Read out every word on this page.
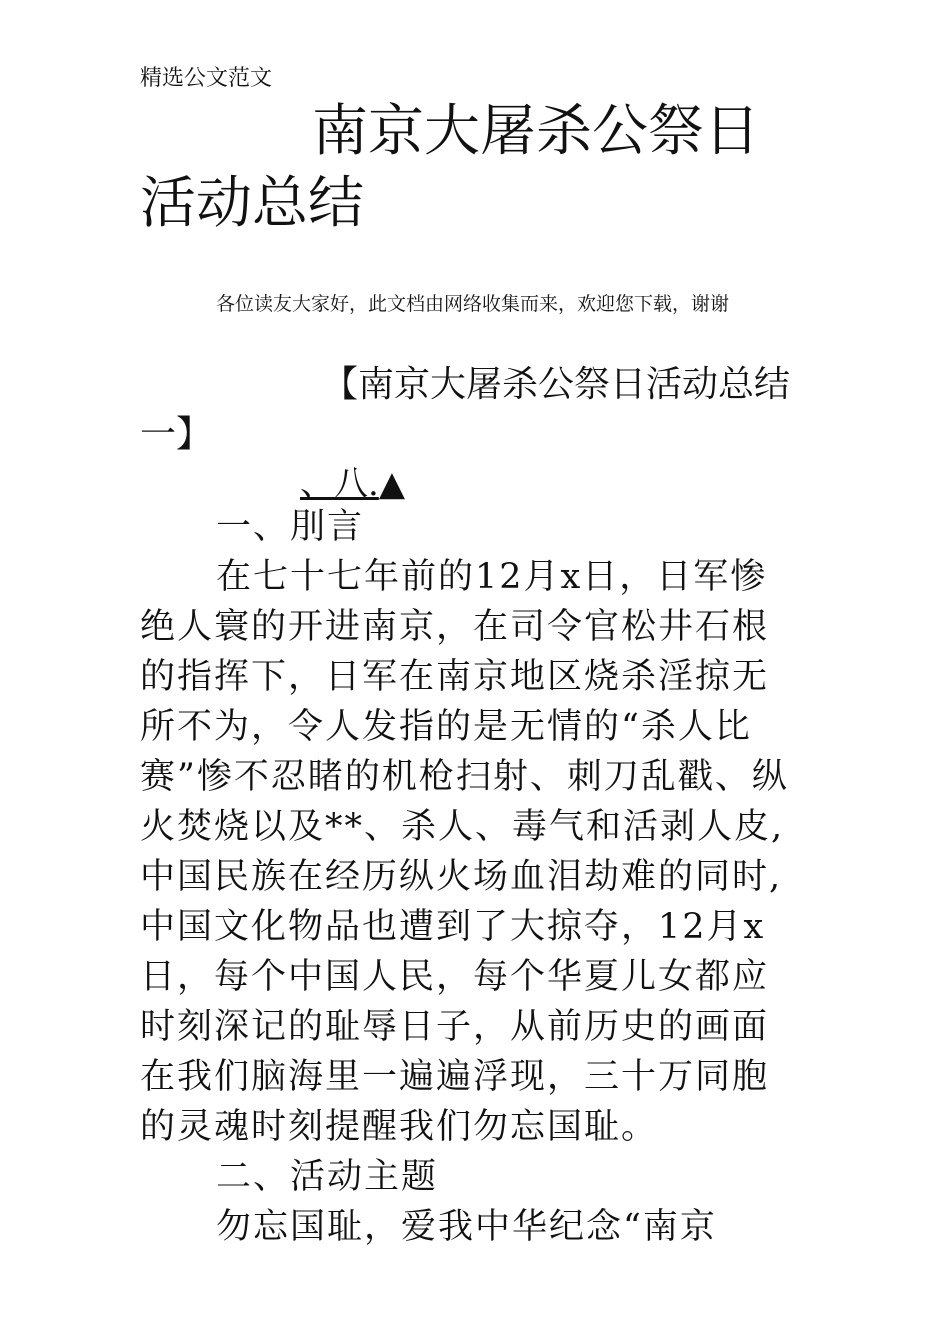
精选公文范文
南京大屠杀公祭日
活动总结
各位读友大家好，此文档由网络收集而来，欢迎您下载，谢谢
【南京大屠杀公祭日活动总结
一】
、八.▲
一、刖言
在七十七年前的12月x日，日军惨
绝人寰的开进南京，在司令官松井石根
的指挥下，日军在南京地区烧杀淫掠无
所不为，令人发指的是无情的“杀人比
赛”惨不忍睹的机枪扫射、刺刀乱戳、纵
火焚烧以及**、杀人、毒气和活剥人皮,
中国民族在经历纵火场血泪劫难的同时,
中国文化物品也遭到了大掠夺，12月x
日，每个中国人民，每个华夏儿女都应
时刻深记的耻辱日子，从前历史的画面
在我们脑海里一遍遍浮现，三十万同胞
的灵魂时刻提醒我们勿忘国耻。
二、活动主题
勿忘国耻，爱我中华纪念“南京
